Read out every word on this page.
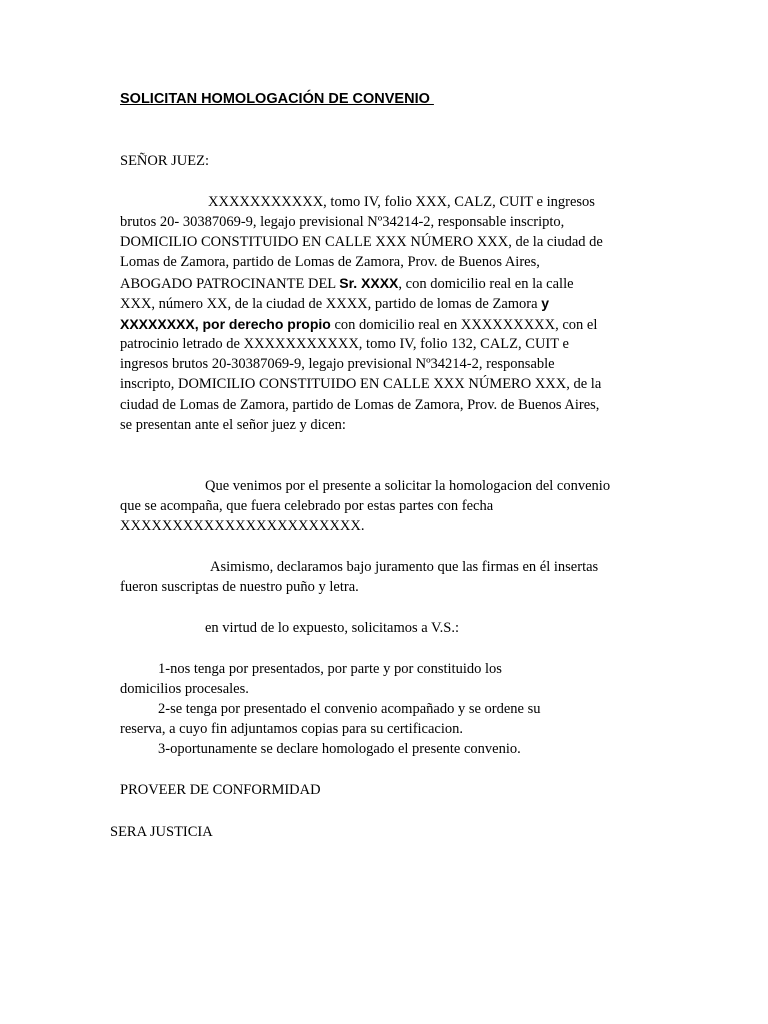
SOLICITAN HOMOLOGACIÓN DE CONVENIO
SEÑOR JUEZ:
XXXXXXXXXXX, tomo IV, folio XXX, CALZ, CUIT e ingresos
brutos 20- 30387069-9, legajo previsional Nº34214-2, responsable inscripto,
DOMICILIO CONSTITUIDO EN CALLE XXX NÚMERO XXX, de la ciudad de
Lomas de Zamora, partido de Lomas de Zamora, Prov. de Buenos Aires,
ABOGADO PATROCINANTE DEL Sr. XXXX, con domicilio real en la calle
XXX, número XX, de la ciudad de XXXX, partido de lomas de Zamora y
XXXXXXXX, por derecho propio con domicilio real en XXXXXXXXX, con el
patrocinio letrado de XXXXXXXXXXX, tomo IV, folio 132, CALZ, CUIT e
ingresos brutos 20-30387069-9, legajo previsional Nº34214-2, responsable
inscripto, DOMICILIO CONSTITUIDO EN CALLE XXX NÚMERO XXX, de la
ciudad de Lomas de Zamora, partido de Lomas de Zamora, Prov. de Buenos Aires,
se presentan ante el señor juez y dicen:
Que venimos por el presente a solicitar la homologacion del convenio
que se acompaña, que fuera celebrado por estas partes con fecha
XXXXXXXXXXXXXXXXXXXXXXX.
Asimismo, declaramos bajo juramento que las firmas en él insertas
fueron suscriptas de nuestro puño y letra.
en virtud de lo expuesto, solicitamos a V.S.:
1-nos tenga por presentados, por parte y por constituido los
domicilios procesales.
2-se tenga por presentado el convenio acompañado y se ordene su
reserva, a cuyo fin adjuntamos copias para su certificacion.
3-oportunamente se declare homologado el presente convenio.
PROVEER DE CONFORMIDAD
SERA JUSTICIA
